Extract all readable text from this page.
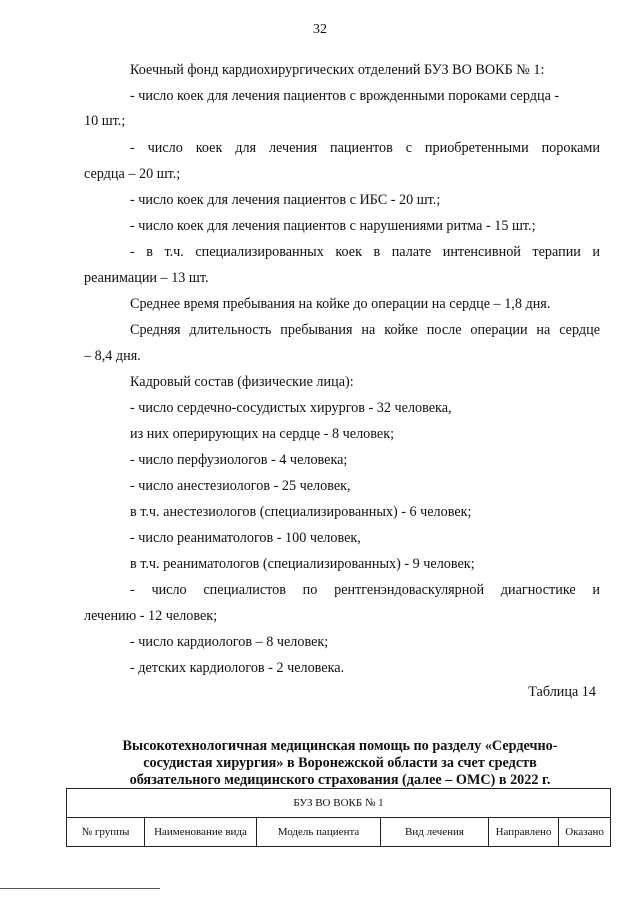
32
Коечный фонд кардиохирургических отделений БУЗ ВО ВОКБ № 1:
- число коек для лечения пациентов с врожденными пороками сердца -
10 шт.;
- число коек для лечения пациентов с приобретенными пороками
сердца – 20 шт.;
- число коек для лечения пациентов с ИБС - 20 шт.;
- число коек для лечения пациентов с нарушениями ритма - 15 шт.;
- в т.ч. специализированных коек в палате интенсивной терапии и
реанимации – 13 шт.
Среднее время пребывания на койке до операции на сердце – 1,8 дня.
Средняя длительность пребывания на койке после операции на сердце
– 8,4 дня.
Кадровый состав (физические лица):
- число сердечно-сосудистых хирургов - 32 человека,
из них оперирующих на сердце - 8 человек;
- число перфузиологов - 4 человека;
- число анестезиологов - 25 человек,
в т.ч. анестезиологов (специализированных) - 6 человек;
- число реаниматологов - 100 человек,
в т.ч. реаниматологов (специализированных) - 9 человек;
- число специалистов по рентгенэндоваскулярной диагностике и
лечению - 12 человек;
- число кардиологов – 8 человек;
- детских кардиологов - 2 человека.
Таблица 14
Высокотехнологичная медицинская помощь по разделу «Сердечно-
сосудистая хирургия» в Воронежской области за счет средств
обязательного медицинского страхования (далее – ОМС) в 2022 г.
БУЗ ВО ВОКБ № 1
№ группы	Наименование вида	Модель пациента	Вид лечения	Направлено	Оказано
